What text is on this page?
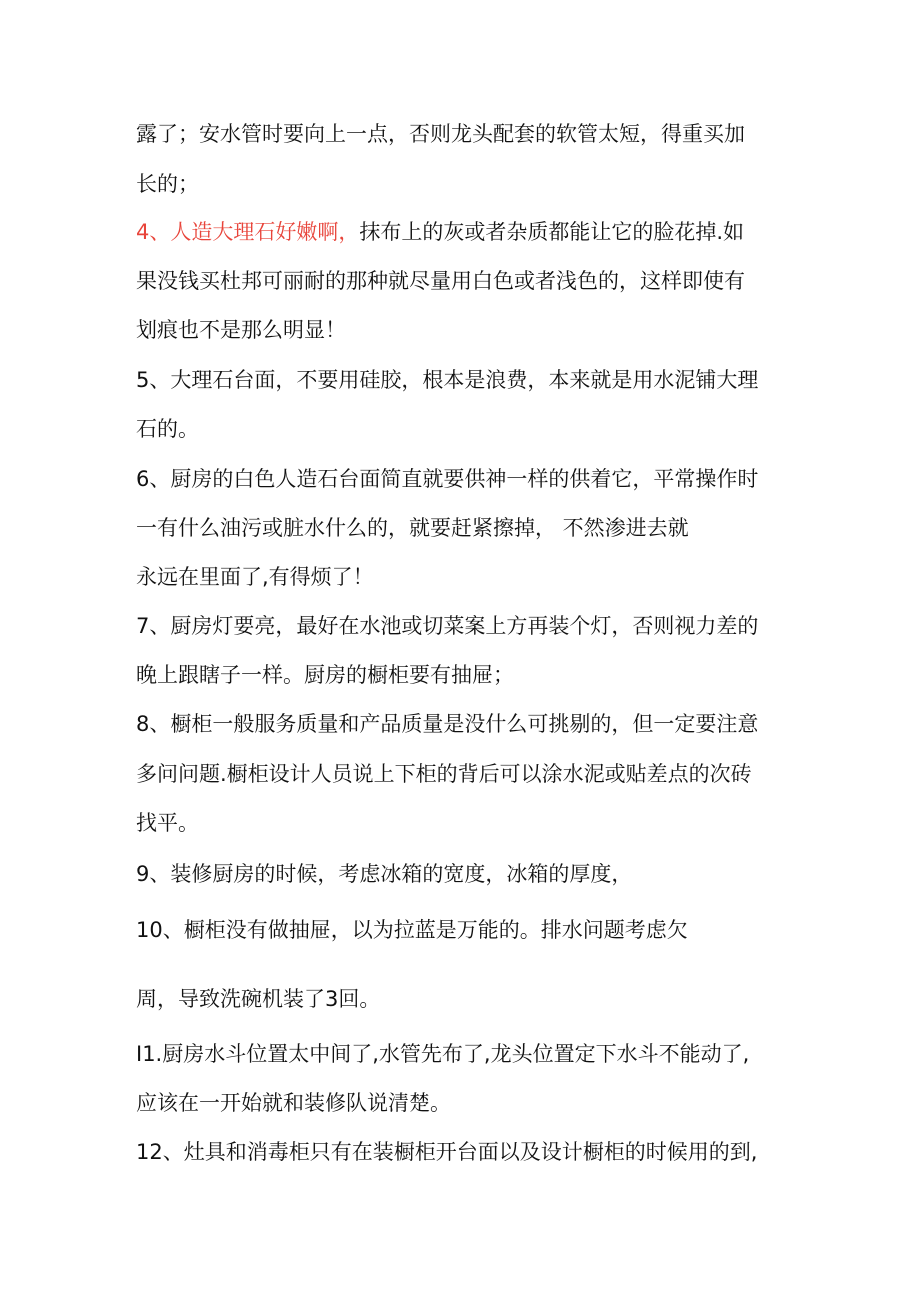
露了；安水管时要向上一点，否则龙头配套的软管太短，得重买加
长的；
4、人造大理石好嫩啊，抹布上的灰或者杂质都能让它的脸花掉.如
果没钱买杜邦可丽耐的那种就尽量用白色或者浅色的，这样即使有
划痕也不是那么明显！
5、大理石台面，不要用硅胶，根本是浪费，本来就是用水泥铺大理
石的。
6、厨房的白色人造石台面简直就要供神一样的供着它，平常操作时
一有什么油污或脏水什么的，就要赶紧擦掉， 不然渗进去就
永远在里面了,有得烦了！
7、厨房灯要亮，最好在水池或切菜案上方再装个灯，否则视力差的
晚上跟瞎子一样。厨房的橱柜要有抽屉；
8、橱柜一般服务质量和产品质量是没什么可挑剔的，但一定要注意
多问问题.橱柜设计人员说上下柜的背后可以涂水泥或贴差点的次砖
找平。
9、装修厨房的时候，考虑冰箱的宽度，冰箱的厚度，
10、橱柜没有做抽屉，以为拉蓝是万能的。排水问题考虑欠
周，导致洗碗机装了3回。
I1.厨房水斗位置太中间了,水管先布了,龙头位置定下水斗不能动了,
应该在一开始就和装修队说清楚。
12、灶具和消毒柜只有在装橱柜开台面以及设计橱柜的时候用的到,
